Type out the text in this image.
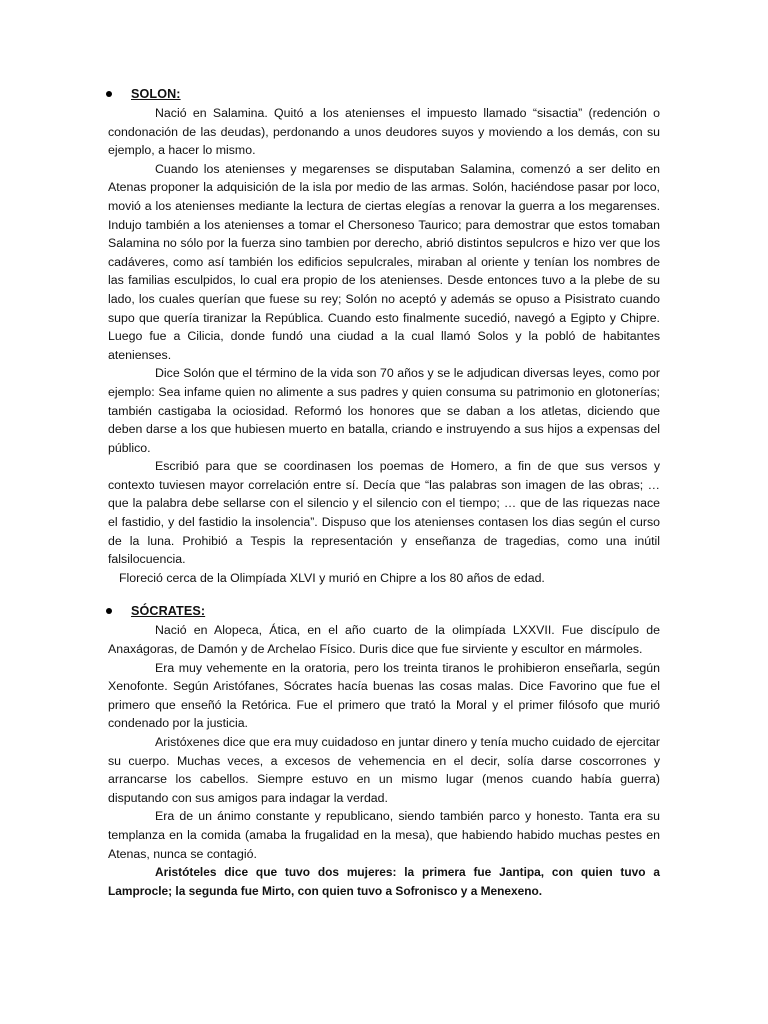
SOLON:

Nació en Salamina. Quitó a los atenienses el impuesto llamado “sisactia” (redención o condonación de las deudas), perdonando a unos deudores suyos y moviendo a los demás, con su ejemplo, a hacer lo mismo.

Cuando los atenienses y megarenses se disputaban Salamina, comenzó a ser delito en Atenas proponer la adquisición de la isla por medio de las armas. Solón, haciéndose pasar por loco, movió a los atenienses mediante la lectura de ciertas elegías a renovar la guerra a los megarenses. Indujo también a los atenienses a tomar el Chersoneso Taurico; para demostrar que estos tomaban Salamina no sólo por la fuerza sino tambien por derecho, abrió distintos sepulcros e hizo ver que los cadáveres, como así también los edificios sepulcrales, miraban al oriente y tenían los nombres de las familias esculpidos, lo cual era propio de los atenienses. Desde entonces tuvo a la plebe de su lado, los cuales querían que fuese su rey; Solón no aceptó y además se opuso a Pisistrato cuando supo que quería tiranizar la República. Cuando esto finalmente sucedió, navegó a Egipto y Chipre. Luego fue a Cilicia, donde fundó una ciudad a la cual llamó Solos y la pobló de habitantes atenienses.

Dice Solón que el término de la vida son 70 años y se le adjudican diversas leyes, como por ejemplo: Sea infame quien no alimente a sus padres y quien consuma su patrimonio en glotonerías; también castigaba la ociosidad. Reformó los honores que se daban a los atletas, diciendo que deben darse a los que hubiesen muerto en batalla, criando e instruyendo a sus hijos a expensas del público.

Escribió para que se coordinasen los poemas de Homero, a fin de que sus versos y contexto tuviesen mayor correlación entre sí. Decía que “las palabras son imagen de las obras; … que la palabra debe sellarse con el silencio y el silencio con el tiempo; … que de las riquezas nace el fastidio, y del fastidio la insolencia”. Dispuso que los atenienses contasen los dias según el curso de la luna. Prohibió a Tespis la representación y enseñanza de tragedias, como una inútil falsilocuencia.

Floreció cerca de la Olimpíada XLVI y murió en Chipre a los 80 años de edad.

SÓCRATES:

Nació en Alopeca, Ática, en el año cuarto de la olimpíada LXXVII. Fue discípulo de Anaxágoras, de Damón y de Archelao Físico. Duris dice que fue sirviente y escultor en mármoles.

Era muy vehemente en la oratoria, pero los treinta tiranos le prohibieron enseñarla, según Xenofonte. Según Aristófanes, Sócrates hacía buenas las cosas malas. Dice Favorino que fue el primero que enseñó la Retórica. Fue el primero que trató la Moral y el primer filósofo que murió condenado por la justicia.

Aristóxenes dice que era muy cuidadoso en juntar dinero y tenía mucho cuidado de ejercitar su cuerpo. Muchas veces, a excesos de vehemencia en el decir, solía darse coscorrones y arrancarse los cabellos. Siempre estuvo en un mismo lugar (menos cuando había guerra) disputando con sus amigos para indagar la verdad.

Era de un ánimo constante y republicano, siendo también parco y honesto. Tanta era su templanza en la comida (amaba la frugalidad en la mesa), que habiendo habido muchas pestes en Atenas, nunca se contagió.

Aristóteles dice que tuvo dos mujeres: la primera fue Jantipa, con quien tuvo a Lamprocle; la segunda fue Mirto, con quien tuvo a Sofronisco y a Menexeno.
